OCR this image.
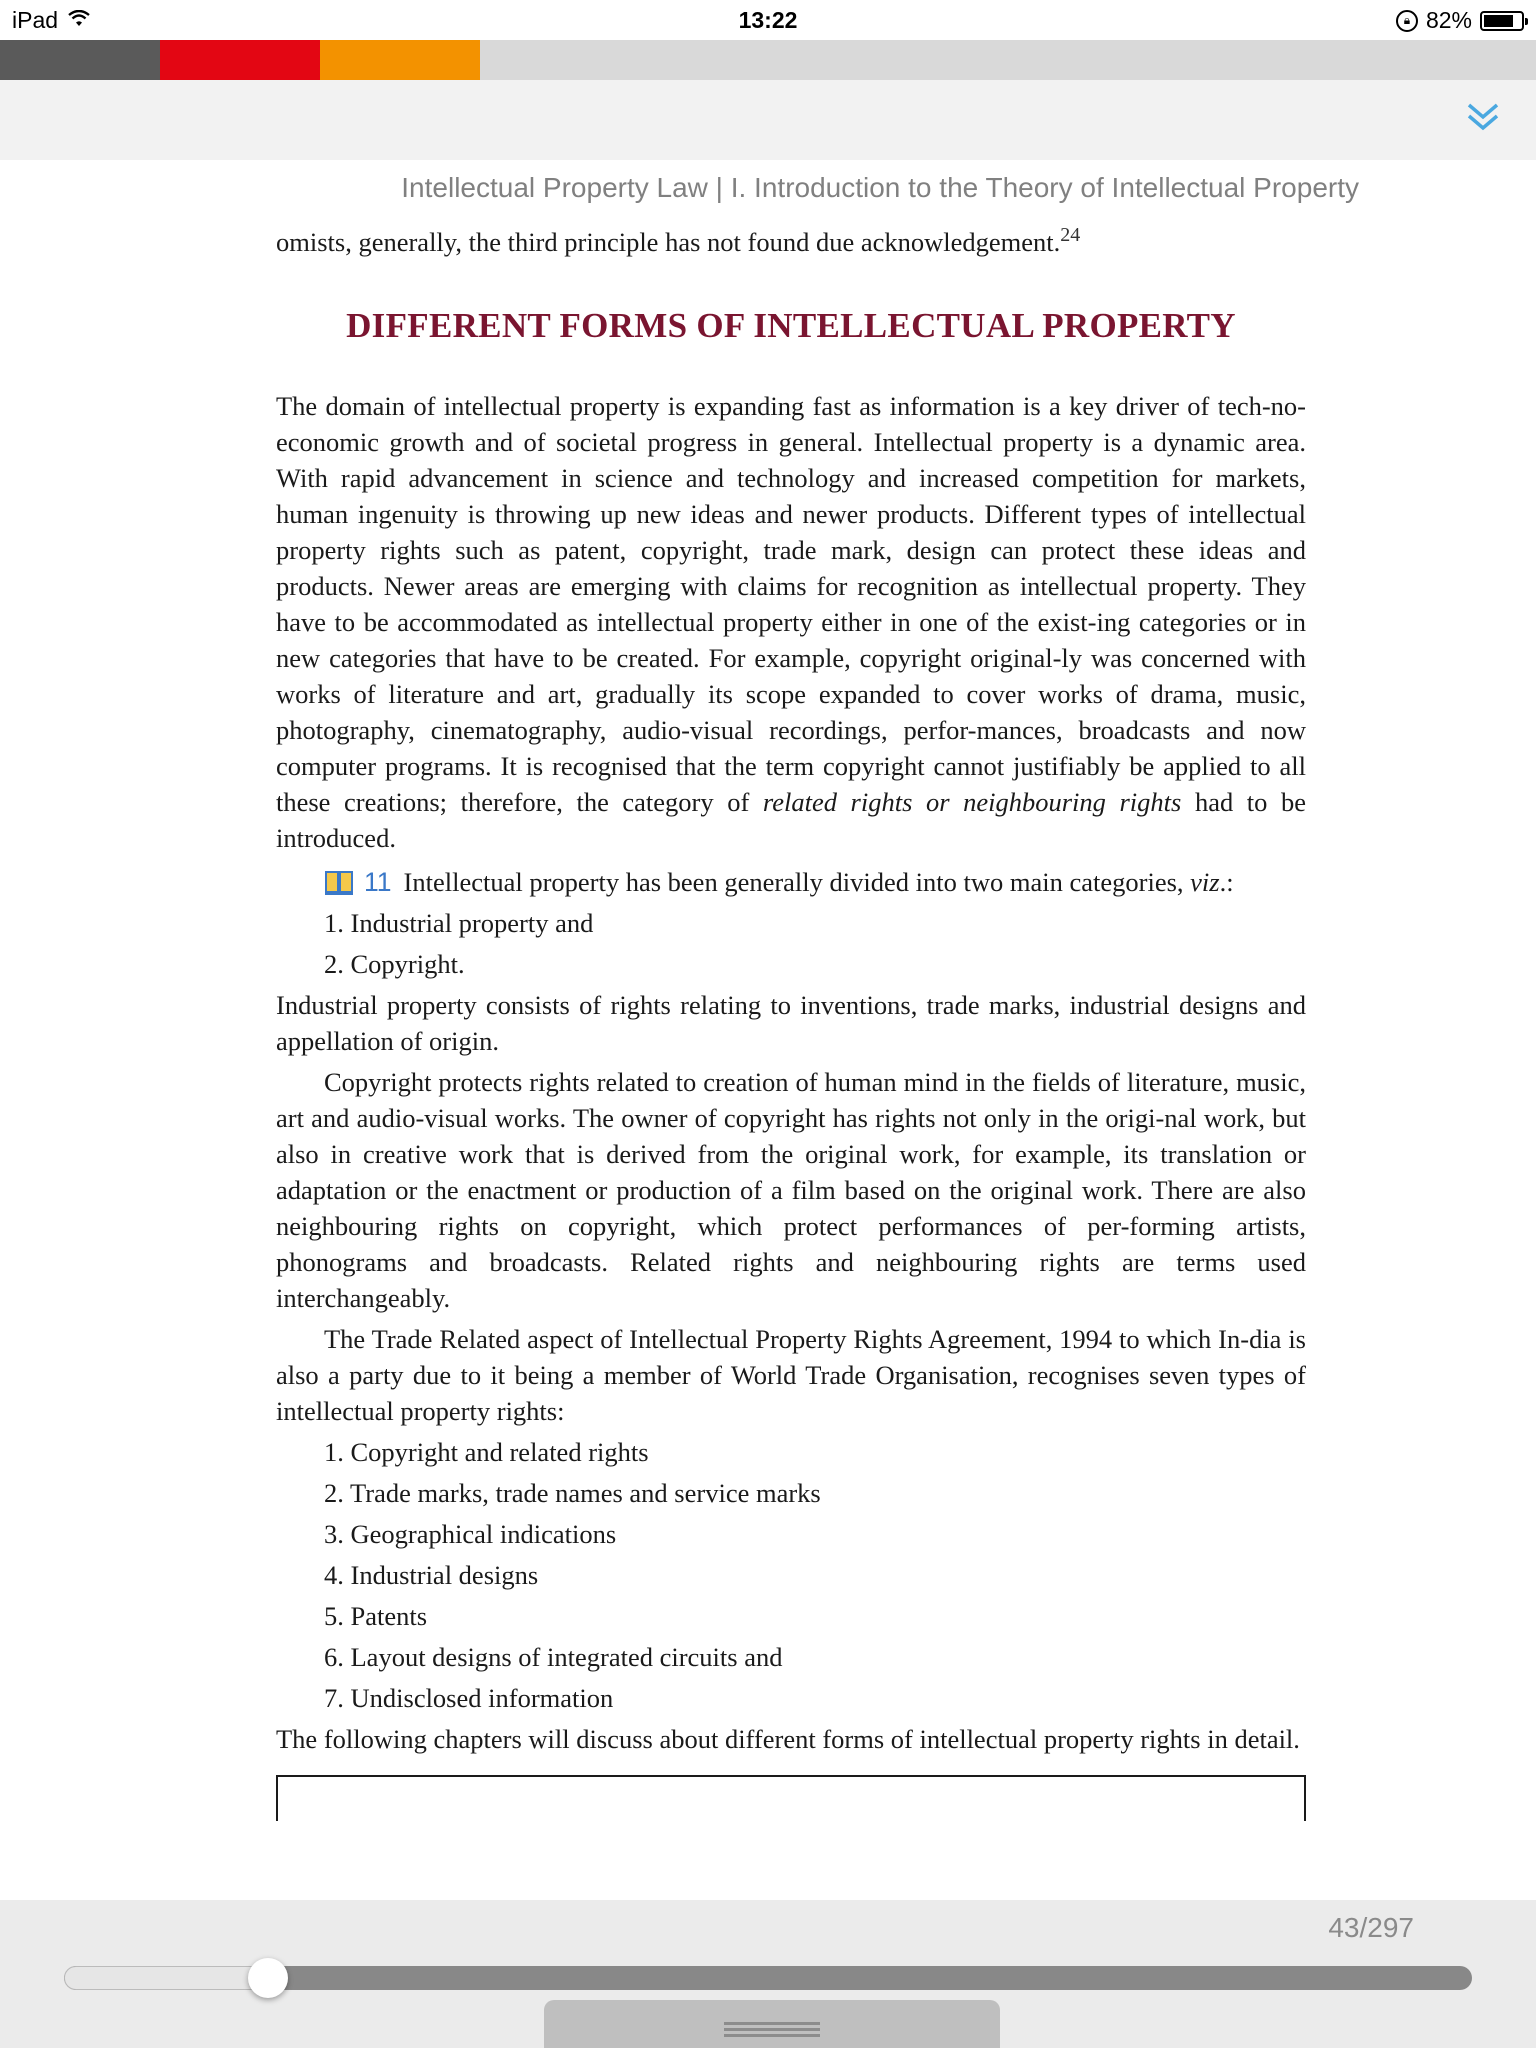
iPad	13:22	🔒︎ 82%
Intellectual Property Law | I. Introduction to the Theory of Intellectual Property

omists, generally, the third principle has not found due acknowledgement.$^{24}$

DIFFERENT FORMS OF INTELLECTUAL PROPERTY

The domain of intellectual property is expanding fast as information is a key driver of tech-no-economic growth and of societal progress in general. Intellectual property is a dynamic area. With rapid advancement in science and technology and increased competition for markets, human ingenuity is throwing up new ideas and newer products. Different types of intellectual property rights such as patent, copyright, trade mark, design can protect these ideas and products. Newer areas are emerging with claims for recognition as intellectual property. They have to be accommodated as intellectual property either in one of the exist-ing categories or in new categories that have to be created. For example, copyright original-ly was concerned with works of literature and art, gradually its scope expanded to cover works of drama, music, photography, cinematography, audio-visual recordings, perfor-mances, broadcasts and now computer programs. It is recognised that the term copyright cannot justifiably be applied to all these creations; therefore, the category of related rights or neighbouring rights had to be introduced.

11 Intellectual property has been generally divided into two main categories, viz.:
1. Industrial property and
2. Copyright.

Industrial property consists of rights relating to inventions, trade marks, industrial designs and appellation of origin.

Copyright protects rights related to creation of human mind in the fields of literature, music, art and audio-visual works. The owner of copyright has rights not only in the origi-nal work, but also in creative work that is derived from the original work, for example, its translation or adaptation or the enactment or production of a film based on the original work. There are also neighbouring rights on copyright, which protect performances of per-forming artists, phonograms and broadcasts. Related rights and neighbouring rights are terms used interchangeably.

The Trade Related aspect of Intellectual Property Rights Agreement, 1994 to which In-dia is also a party due to it being a member of World Trade Organisation, recognises seven types of intellectual property rights:

1. Copyright and related rights
2. Trade marks, trade names and service marks
3. Geographical indications
4. Industrial designs
5. Patents
6. Layout designs of integrated circuits and
7. Undisclosed information

The following chapters will discuss about different forms of intellectual property rights in detail.

43/297
